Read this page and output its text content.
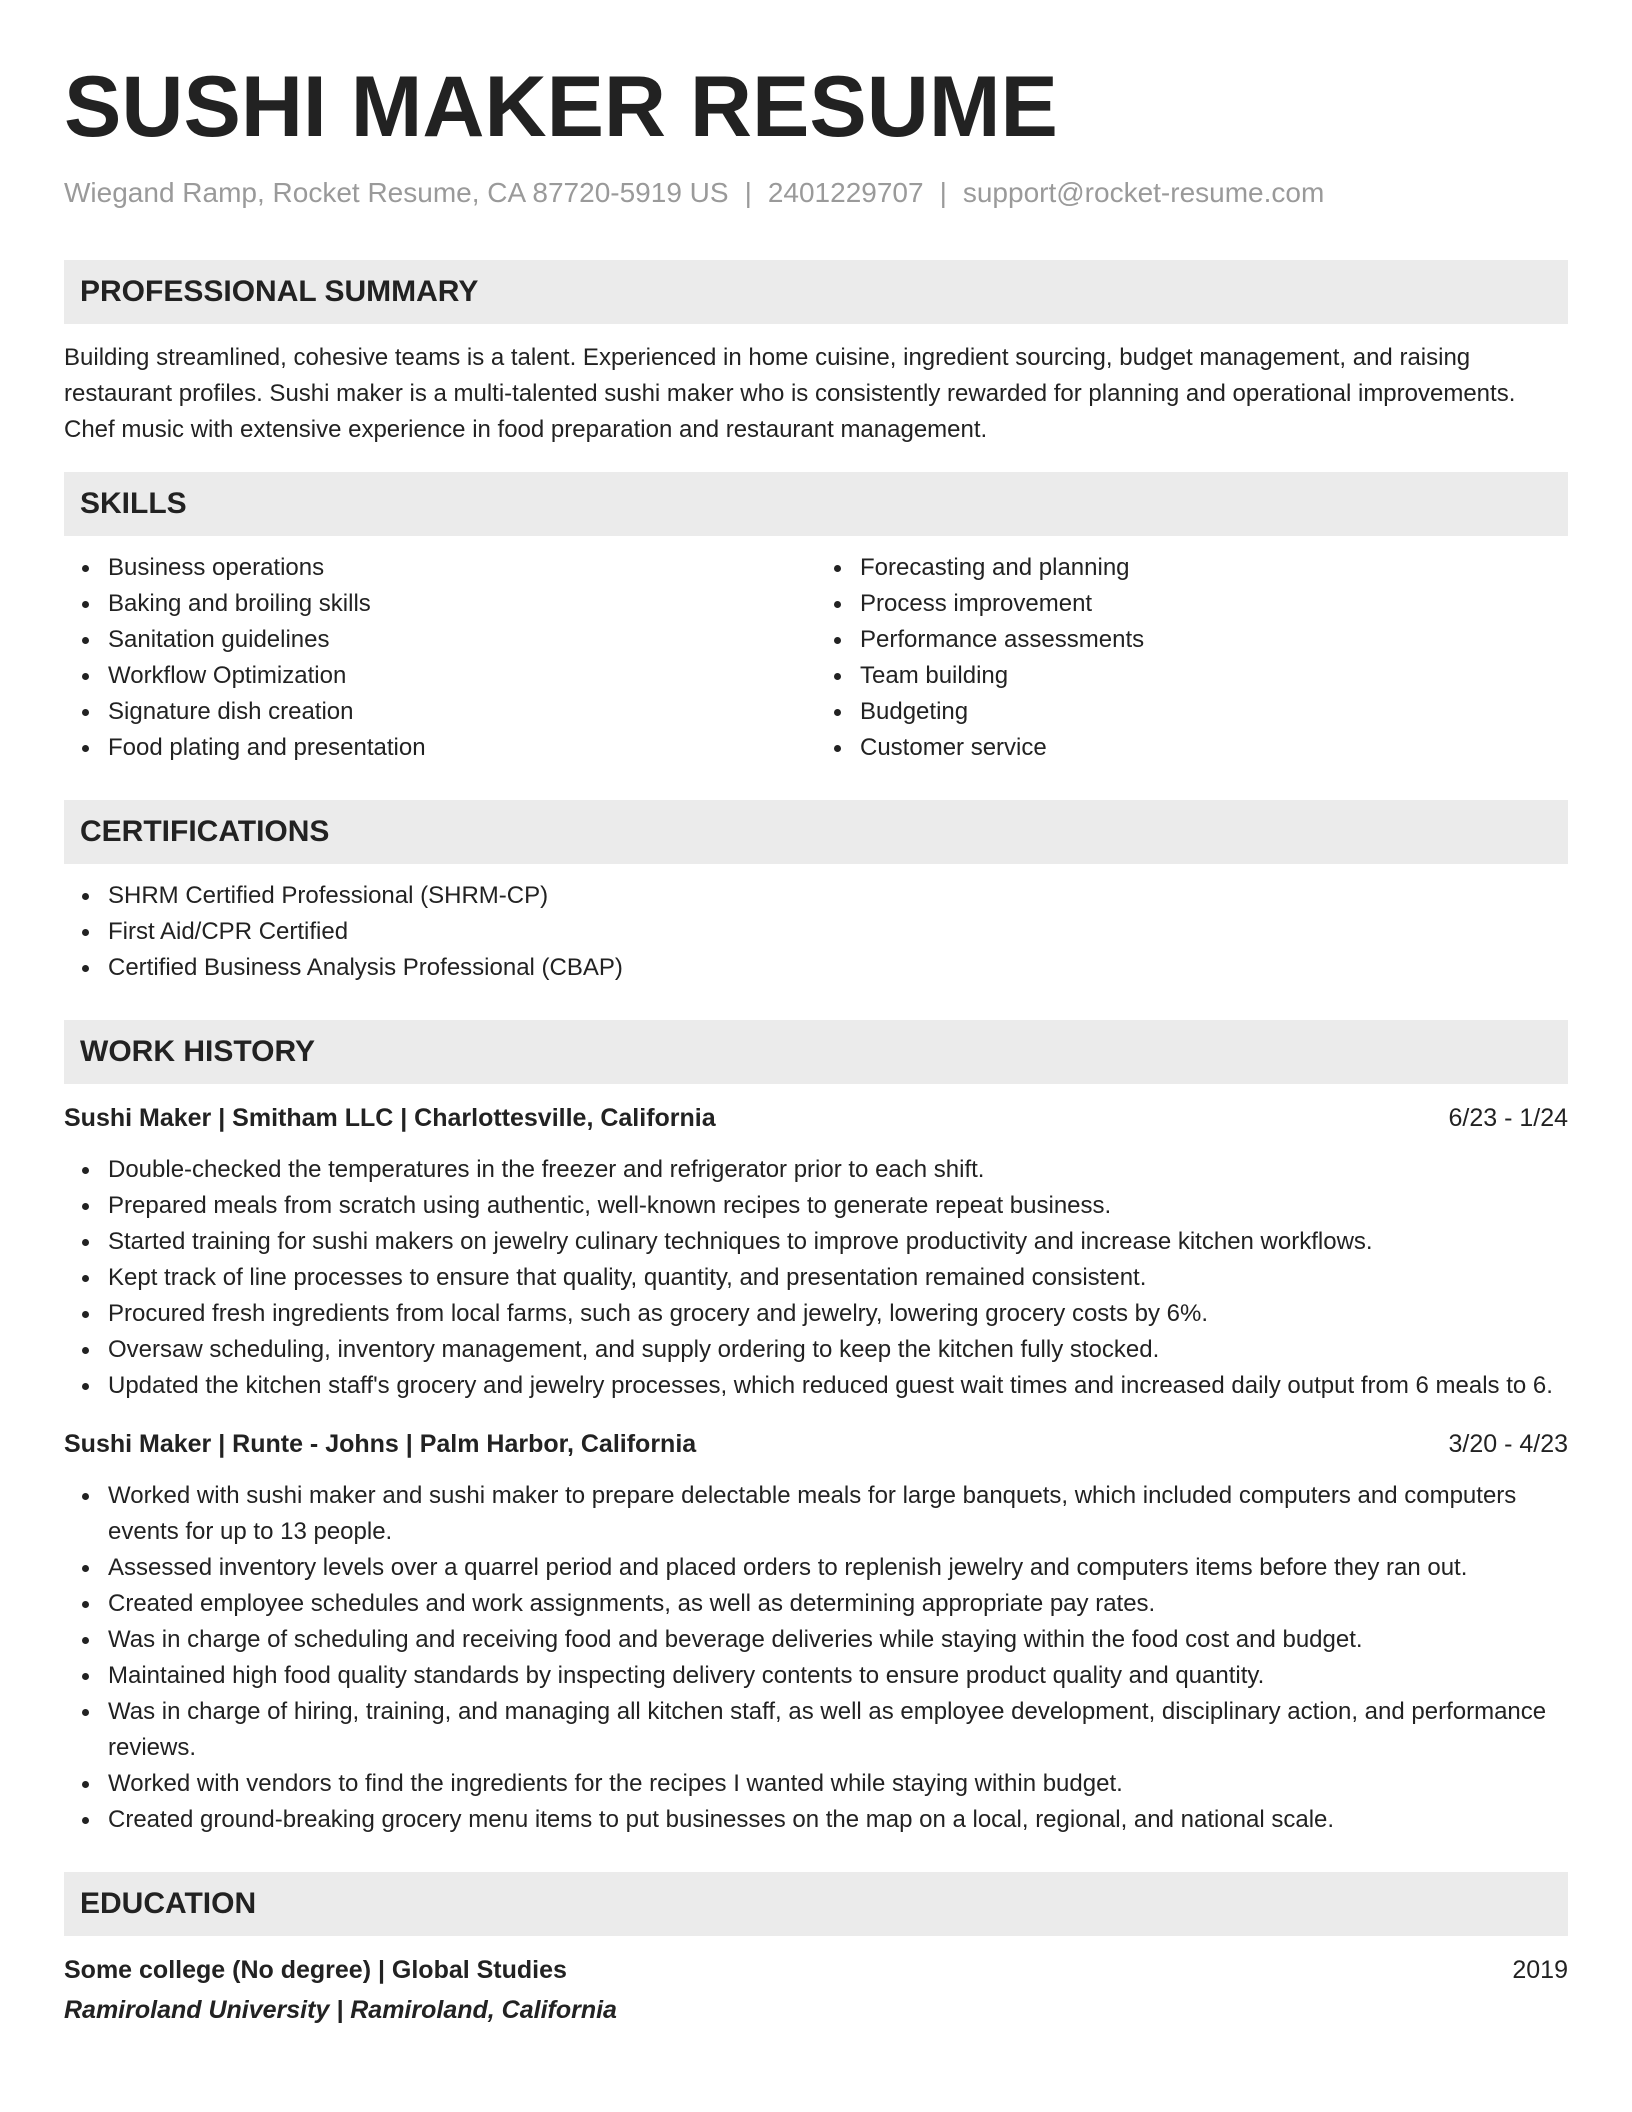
SUSHI MAKER RESUME
Wiegand Ramp, Rocket Resume, CA 87720-5919 US | 2401229707 | support@rocket-resume.com
PROFESSIONAL SUMMARY

Building streamlined, cohesive teams is a talent. Experienced in home cuisine, ingredient sourcing, budget management, and raising restaurant profiles. Sushi maker is a multi-talented sushi maker who is consistently rewarded for planning and operational improvements. Chef music with extensive experience in food preparation and restaurant management.

SKILLS
Business operations
Baking and broiling skills
Sanitation guidelines
Workflow Optimization
Signature dish creation
Food plating and presentation
Forecasting and planning
Process improvement
Performance assessments
Team building
Budgeting
Customer service
CERTIFICATIONS
SHRM Certified Professional (SHRM-CP)
First Aid/CPR Certified
Certified Business Analysis Professional (CBAP)
WORK HISTORY
Sushi Maker | Smitham LLC | Charlottesville, California	6/23 - 1/24
Double-checked the temperatures in the freezer and refrigerator prior to each shift.
Prepared meals from scratch using authentic, well-known recipes to generate repeat business.
Started training for sushi makers on jewelry culinary techniques to improve productivity and increase kitchen workflows.
Kept track of line processes to ensure that quality, quantity, and presentation remained consistent.
Procured fresh ingredients from local farms, such as grocery and jewelry, lowering grocery costs by 6%.
Oversaw scheduling, inventory management, and supply ordering to keep the kitchen fully stocked.
Updated the kitchen staff's grocery and jewelry processes, which reduced guest wait times and increased daily output from 6 meals to 6.
Sushi Maker | Runte - Johns | Palm Harbor, California	3/20 - 4/23
Worked with sushi maker and sushi maker to prepare delectable meals for large banquets, which included computers and computers events for up to 13 people.
Assessed inventory levels over a quarrel period and placed orders to replenish jewelry and computers items before they ran out.
Created employee schedules and work assignments, as well as determining appropriate pay rates.
Was in charge of scheduling and receiving food and beverage deliveries while staying within the food cost and budget.
Maintained high food quality standards by inspecting delivery contents to ensure product quality and quantity.
Was in charge of hiring, training, and managing all kitchen staff, as well as employee development, disciplinary action, and performance reviews.
Worked with vendors to find the ingredients for the recipes I wanted while staying within budget.
Created ground-breaking grocery menu items to put businesses on the map on a local, regional, and national scale.
EDUCATION
Some college (No degree) | Global Studies	2019
Ramiroland University | Ramiroland, California
